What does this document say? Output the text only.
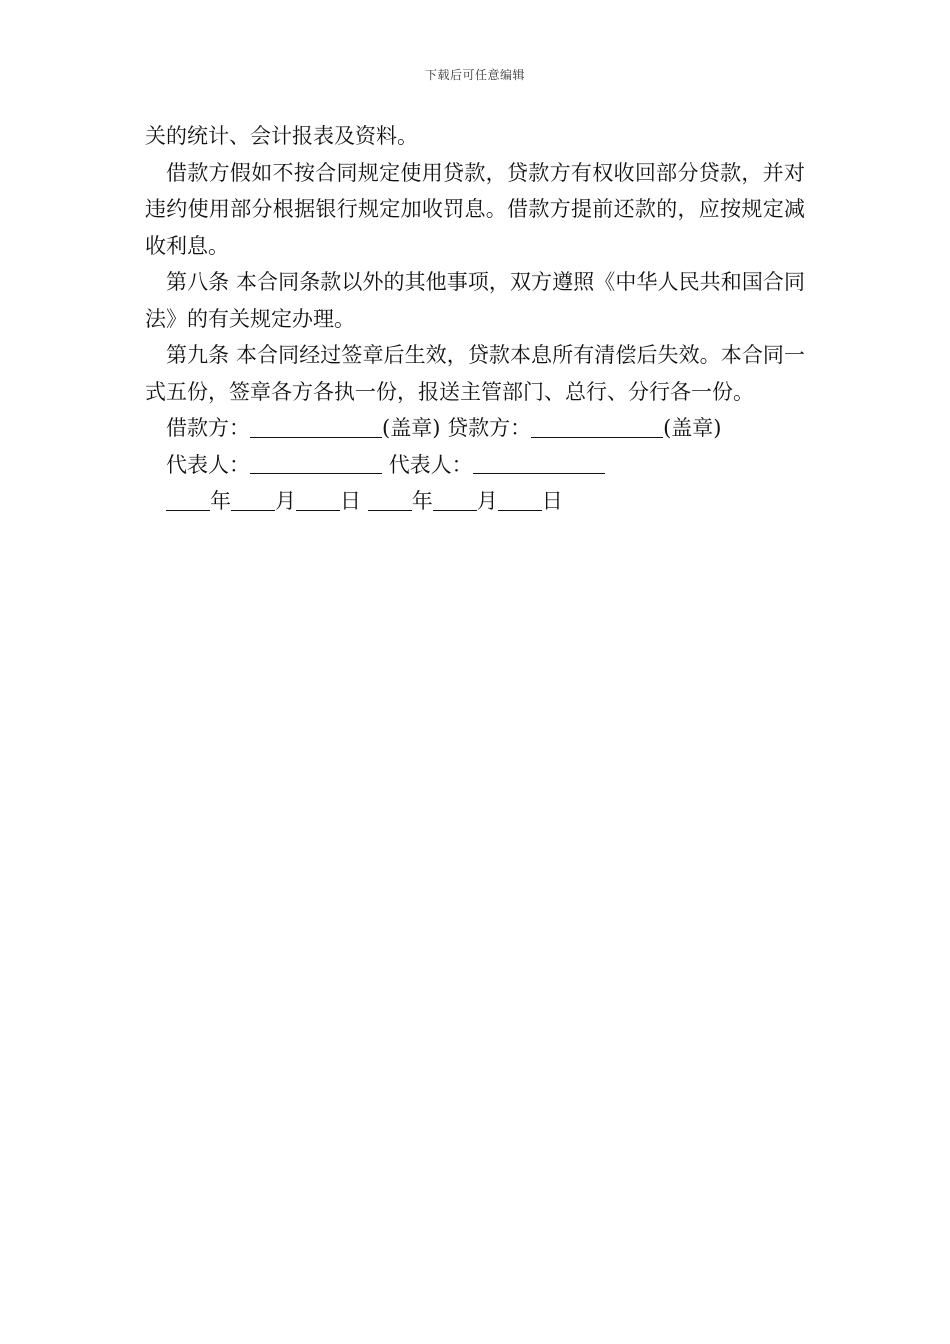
下载后可任意编辑

关的统计、会计报表及资料。

借款方假如不按合同规定使用贷款，贷款方有权收回部分贷款，并对违约使用部分根据银行规定加收罚息。借款方提前还款的，应按规定减收利息。

第八条 本合同条款以外的其他事项，双方遵照《中华人民共和国合同法》的有关规定办理。

第九条 本合同经过签章后生效，贷款本息所有清偿后失效。本合同一式五份，签章各方各执一份，报送主管部门、总行、分行各一份。

借款方：	(盖章) 贷款方：	(盖章)

代表人：	代表人：

年 月 日 年 月 日
